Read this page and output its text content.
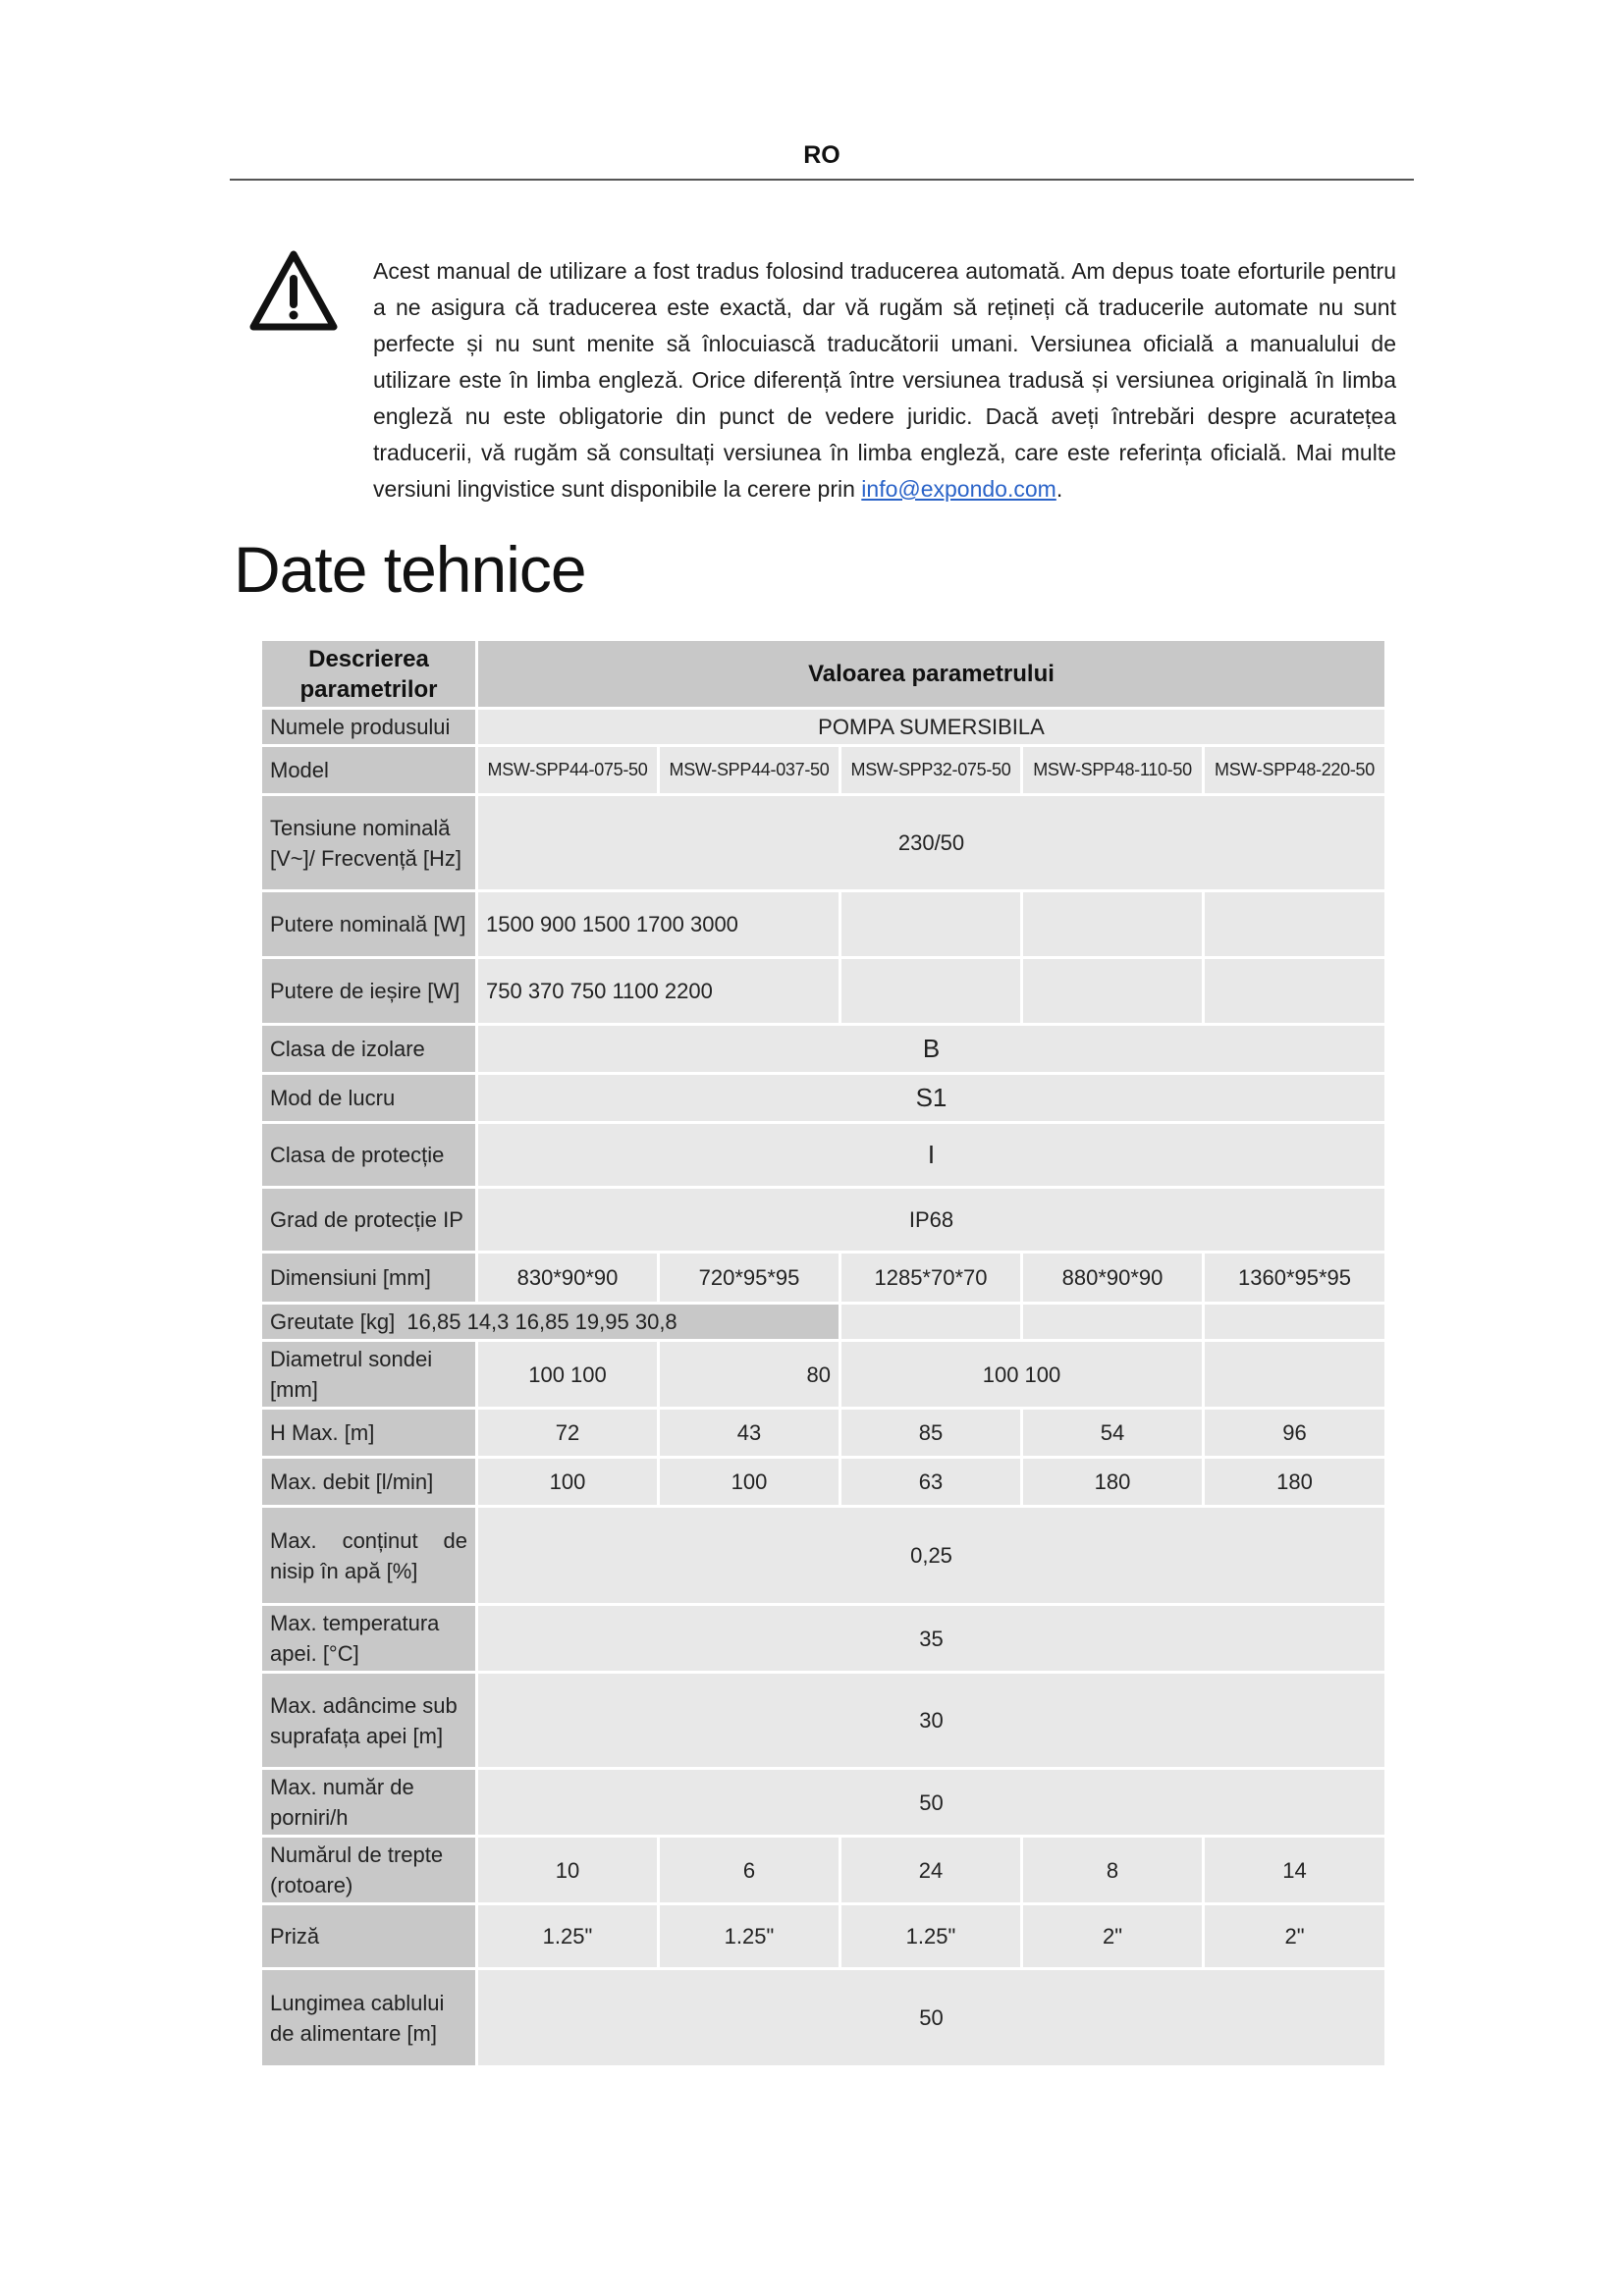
RO
Acest manual de utilizare a fost tradus folosind traducerea automată. Am depus toate eforturile pentru a ne asigura că traducerea este exactă, dar vă rugăm să rețineți că traducerile automate nu sunt perfecte și nu sunt menite să înlocuiască traducătorii umani. Versiunea oficială a manualului de utilizare este în limba engleză. Orice diferență între versiunea tradusă și versiunea originală în limba engleză nu este obligatorie din punct de vedere juridic. Dacă aveți întrebări despre acuratețea traducerii, vă rugăm să consultați versiunea în limba engleză, care este referința oficială. Mai multe versiuni lingvistice sunt disponibile la cerere prin info@expondo.com.
Date tehnice
Descrierea parametrilor	Valoarea parametrului				
Numele produsului	POMPA SUMERSIBILA				
Model	MSW-SPP44-075-50	MSW-SPP44-037-50	MSW-SPP32-075-50	MSW-SPP48-110-50	MSW-SPP48-220-50
Tensiune nominală [V~]/ Frecvență [Hz]	230/50				
Putere nominală [W]	1500 900 1500 1700 3000				
Putere de ieșire [W]	750 370 750 1100 2200				
Clasa de izolare	B				
Mod de lucru	S1				
Clasa de protecție	I				
Grad de protecție IP	IP68				
Dimensiuni [mm]	830*90*90	720*95*95	1285*70*70	880*90*90	1360*95*95
Greutate [kg] 16,85 14,3 16,85 19,95 30,8					
Diametrul sondei [mm]	100 100	80	100 100		
H Max. [m]	72	43	85	54	96
Max. debit [l/min]	100	100	63	180	180
Max. conținut de nisip în apă [%]	0,25				
Max. temperatura apei. [°C]	35				
Max. adâncime sub suprafața apei [m]	30				
Max. număr de porniri/h	50				
Numărul de trepte (rotoare)	10	6	24	8	14
Priză	1.25"	1.25"	1.25"	2"	2"
Lungimea cablului de alimentare [m]	50				
